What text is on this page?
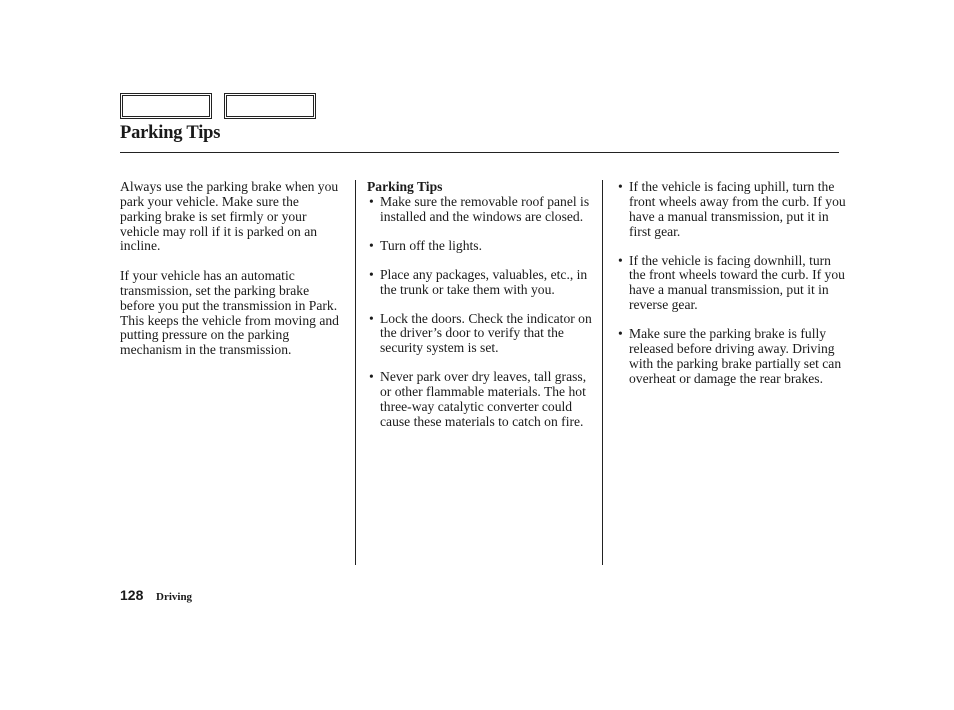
Parking Tips

Always use the parking brake when you park your vehicle. Make sure the parking brake is set firmly or your vehicle may roll if it is parked on an incline.

If your vehicle has an automatic transmission, set the parking brake before you put the transmission in Park. This keeps the vehicle from moving and putting pressure on the parking mechanism in the transmission.

Parking Tips
• Make sure the removable roof panel is installed and the windows are closed.
• Turn off the lights.
• Place any packages, valuables, etc., in the trunk or take them with you.
• Lock the doors. Check the indicator on the driver’s door to verify that the security system is set.
• Never park over dry leaves, tall grass, or other flammable materials. The hot three-way catalytic converter could cause these materials to catch on fire.
• If the vehicle is facing uphill, turn the front wheels away from the curb. If you have a manual transmission, put it in first gear.
• If the vehicle is facing downhill, turn the front wheels toward the curb. If you have a manual transmission, put it in reverse gear.
• Make sure the parking brake is fully released before driving away. Driving with the parking brake partially set can overheat or damage the rear brakes.
128 Driving
